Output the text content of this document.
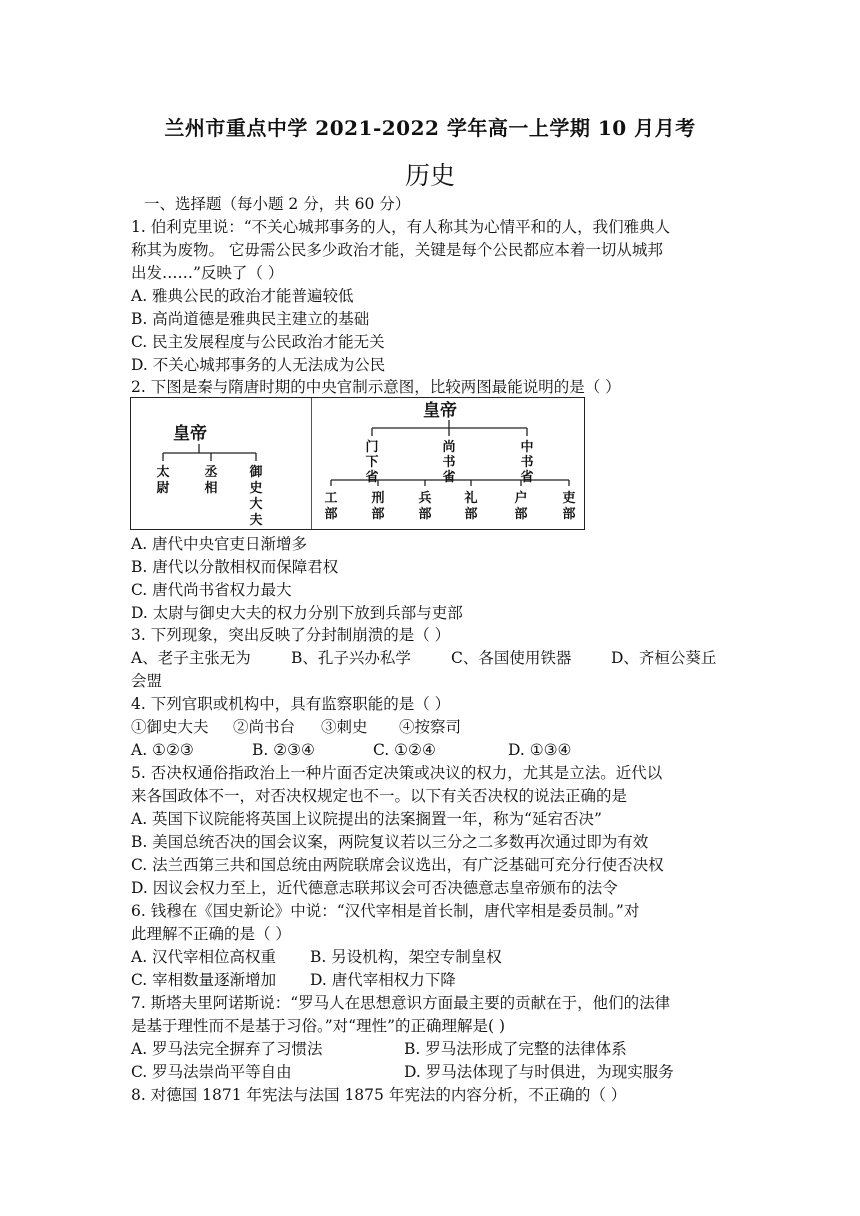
兰州市重点中学 2021-2022 学年高一上学期 10 月月考
历史
一、选择题（每小题 2 分，共 60 分）
1. 伯利克里说：“不关心城邦事务的人，有人称其为心情平和的人，我们雅典人
称其为废物。 它毋需公民多少政治才能，关键是每个公民都应本着一切从城邦
出发……”反映了（ ）
A. 雅典公民的政治才能普遍较低
B. 高尚道德是雅典民主建立的基础
C. 民主发展程度与公民政治才能无关
D. 不关心城邦事务的人无法成为公民
2. 下图是秦与隋唐时期的中央官制示意图，比较两图最能说明的是（ ）
皇帝
太尉
丞相
御史大夫
皇帝
门下省
尚书省
中书省
工部
刑部
兵部
礼部
户部
吏部
A. 唐代中央官吏日渐增多
B. 唐代以分散相权而保障君权
C. 唐代尚书省权力最大
D. 太尉与御史大夫的权力分别下放到兵部与吏部
3. 下列现象，突出反映了分封制崩溃的是（ ）
A、老子主张无为	B、孔子兴办私学	C、各国使用铁器	D、齐桓公葵丘
会盟
4. 下列官职或机构中，具有监察职能的是（ ）
①御史大夫 ②尚书台 ③刺史 ④按察司
A. ①②③	B. ②③④	C. ①②④	D. ①③④
5. 否决权通俗指政治上一种片面否定决策或决议的权力，尤其是立法。近代以
来各国政体不一，对否决权规定也不一。以下有关否决权的说法正确的是
A. 英国下议院能将英国上议院提出的法案搁置一年，称为“延宕否决”
B. 美国总统否决的国会议案，两院复议若以三分之二多数再次通过即为有效
C. 法兰西第三共和国总统由两院联席会议选出，有广泛基础可充分行使否决权
D. 因议会权力至上，近代德意志联邦议会可否决德意志皇帝颁布的法令
6. 钱穆在《国史新论》中说：“汉代宰相是首长制，唐代宰相是委员制。”对
此理解不正确的是（ ）
A. 汉代宰相位高权重 B. 另设机构，架空专制皇权
C. 宰相数量逐渐增加 D. 唐代宰相权力下降
7. 斯塔夫里阿诺斯说：“罗马人在思想意识方面最主要的贡献在于，他们的法律
是基于理性而不是基于习俗。”对“理性”的正确理解是( )
A. 罗马法完全摒弃了习惯法	B. 罗马法形成了完整的法律体系
C. 罗马法崇尚平等自由	D. 罗马法体现了与时俱进，为现实服务
8. 对德国 1871 年宪法与法国 1875 年宪法的内容分析，不正确的（ ）
